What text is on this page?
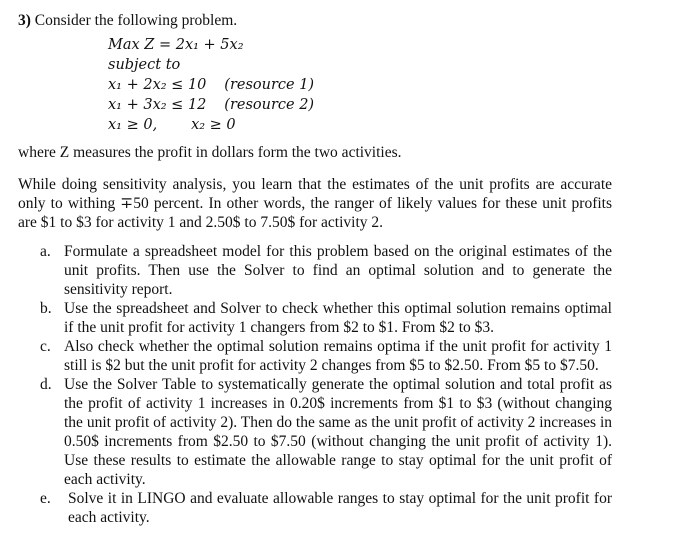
3) Consider the following problem.
Max Z = 2x₁ + 5x₂
subject to
x₁ + 2x₂ ≤ 10 (resource 1)
x₁ + 3x₂ ≤ 12 (resource 2)
x₁ ≥ 0, x₂ ≥ 0
where Z measures the profit in dollars form the two activities.
While doing sensitivity analysis, you learn that the estimates of the unit profits are accurate only to withing ∓50 percent. In other words, the ranger of likely values for these unit profits are $1 to $3 for activity 1 and 2.50$ to 7.50$ for activity 2.
a. Formulate a spreadsheet model for this problem based on the original estimates of the unit profits. Then use the Solver to find an optimal solution and to generate the sensitivity report.
b. Use the spreadsheet and Solver to check whether this optimal solution remains optimal if the unit profit for activity 1 changers from $2 to $1. From $2 to $3.
c. Also check whether the optimal solution remains optima if the unit profit for activity 1 still is $2 but the unit profit for activity 2 changes from $5 to $2.50. From $5 to $7.50.
d. Use the Solver Table to systematically generate the optimal solution and total profit as the profit of activity 1 increases in 0.20$ increments from $1 to $3 (without changing the unit profit of activity 2). Then do the same as the unit profit of activity 2 increases in 0.50$ increments from $2.50 to $7.50 (without changing the unit profit of activity 1). Use these results to estimate the allowable range to stay optimal for the unit profit of each activity.
e. Solve it in LINGO and evaluate allowable ranges to stay optimal for the unit profit for each activity.
